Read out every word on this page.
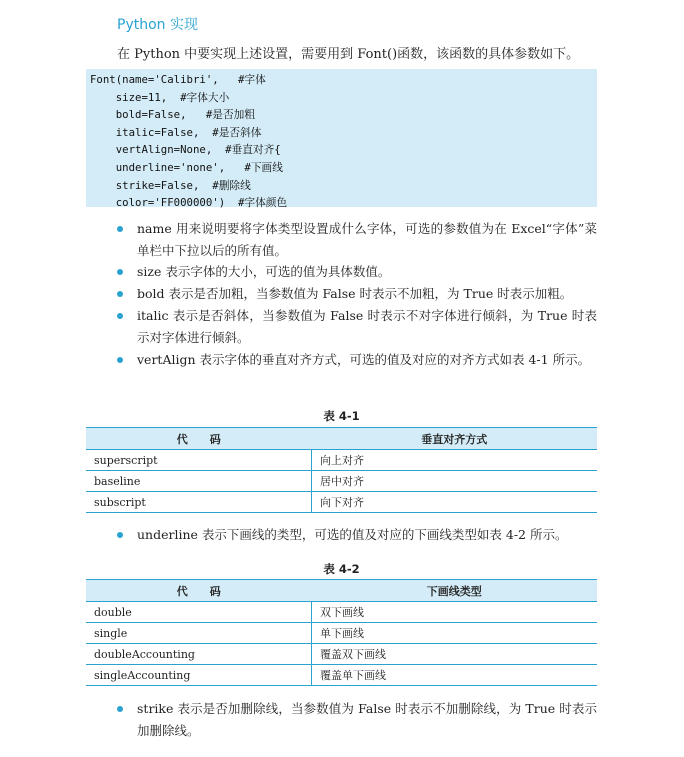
Python 实现
在 Python 中要实现上述设置，需要用到 Font()函数，该函数的具体参数如下。
Font(name='Calibri',   #字体
size=11,  #字体大小
bold=False,   #是否加粗
italic=False,  #是否斜体
vertAlign=None,  #垂直对齐{
underline='none',   #下画线
strike=False,  #删除线
color='FF000000')  #字体颜色
name 用来说明要将字体类型设置成什么字体，可选的参数值为在 Excel“字体”菜单栏中下拉以后的所有值。
size 表示字体的大小，可选的值为具体数值。
bold 表示是否加粗，当参数值为 False 时表示不加粗，为 True 时表示加粗。
italic 表示是否斜体，当参数值为 False 时表示不对字体进行倾斜，为 True 时表示对字体进行倾斜。
vertAlign 表示字体的垂直对齐方式，可选的值及对应的对齐方式如表 4-1 所示。
表 4-1
代　　码	垂直对齐方式
superscript	向上对齐
baseline	居中对齐
subscript	向下对齐
underline 表示下画线的类型，可选的值及对应的下画线类型如表 4-2 所示。
表 4-2
代　　码	下画线类型
double	双下画线
single	单下画线
doubleAccounting	覆盖双下画线
singleAccounting	覆盖单下画线
strike 表示是否加删除线，当参数值为 False 时表示不加删除线，为 True 时表示加删除线。
